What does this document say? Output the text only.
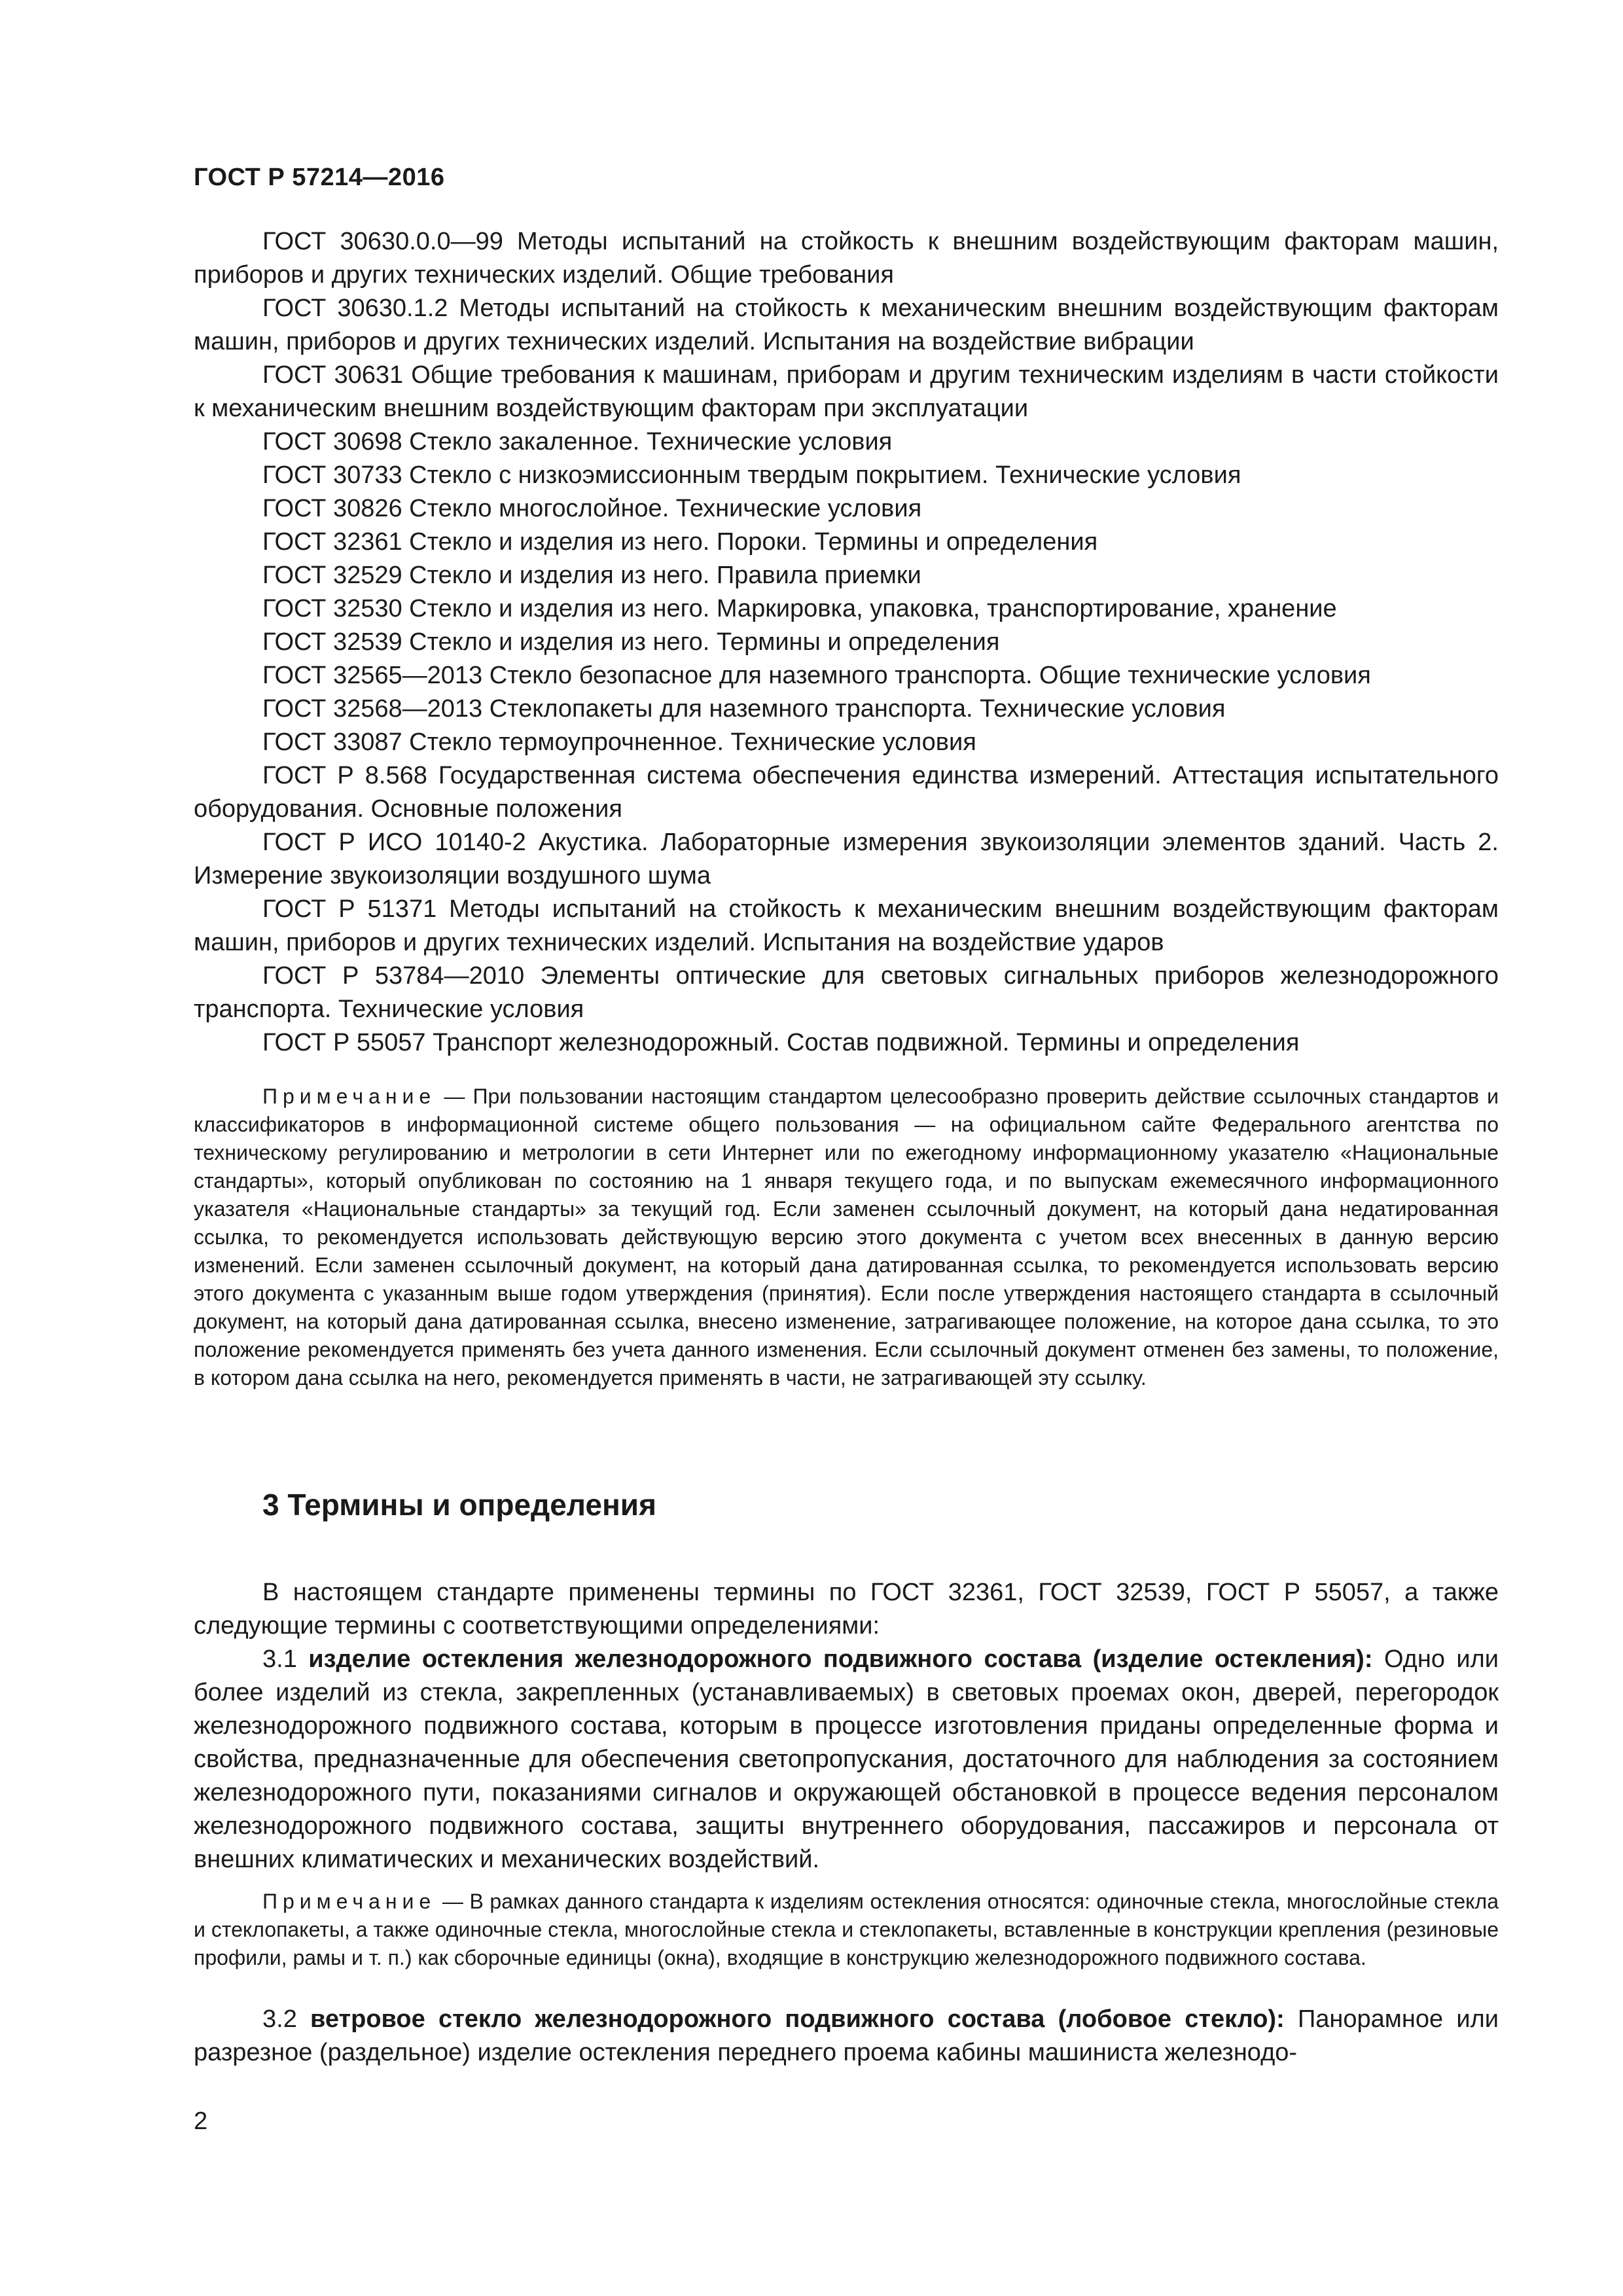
ГОСТ Р 57214—2016

ГОСТ 30630.0.0—99 Методы испытаний на стойкость к внешним воздействующим факторам машин, приборов и других технических изделий. Общие требования

ГОСТ 30630.1.2 Методы испытаний на стойкость к механическим внешним воздействующим факторам машин, приборов и других технических изделий. Испытания на воздействие вибрации

ГОСТ 30631 Общие требования к машинам, приборам и другим техническим изделиям в части стойкости к механическим внешним воздействующим факторам при эксплуатации

ГОСТ 30698 Стекло закаленное. Технические условия

ГОСТ 30733 Стекло с низкоэмиссионным твердым покрытием. Технические условия

ГОСТ 30826 Стекло многослойное. Технические условия

ГОСТ 32361 Стекло и изделия из него. Пороки. Термины и определения

ГОСТ 32529 Стекло и изделия из него. Правила приемки

ГОСТ 32530 Стекло и изделия из него. Маркировка, упаковка, транспортирование, хранение

ГОСТ 32539 Стекло и изделия из него. Термины и определения

ГОСТ 32565—2013 Стекло безопасное для наземного транспорта. Общие технические условия

ГОСТ 32568—2013 Стеклопакеты для наземного транспорта. Технические условия

ГОСТ 33087 Стекло термоупрочненное. Технические условия

ГОСТ Р 8.568 Государственная система обеспечения единства измерений. Аттестация испытательного оборудования. Основные положения

ГОСТ Р ИСО 10140-2 Акустика. Лабораторные измерения звукоизоляции элементов зданий. Часть 2. Измерение звукоизоляции воздушного шума

ГОСТ Р 51371 Методы испытаний на стойкость к механическим внешним воздействующим факторам машин, приборов и других технических изделий. Испытания на воздействие ударов

ГОСТ Р 53784—2010 Элементы оптические для световых сигнальных приборов железнодорожного транспорта. Технические условия

ГОСТ Р 55057 Транспорт железнодорожный. Состав подвижной. Термины и определения

Примечание — При пользовании настоящим стандартом целесообразно проверить действие ссылочных стандартов и классификаторов в информационной системе общего пользования — на официальном сайте Федерального агентства по техническому регулированию и метрологии в сети Интернет или по ежегодному информационному указателю «Национальные стандарты», который опубликован по состоянию на 1 января текущего года, и по выпускам ежемесячного информационного указателя «Национальные стандарты» за текущий год. Если заменен ссылочный документ, на который дана недатированная ссылка, то рекомендуется использовать действующую версию этого документа с учетом всех внесенных в данную версию изменений. Если заменен ссылочный документ, на который дана датированная ссылка, то рекомендуется использовать версию этого документа с указанным выше годом утверждения (принятия). Если после утверждения настоящего стандарта в ссылочный документ, на который дана датированная ссылка, внесено изменение, затрагивающее положение, на которое дана ссылка, то это положение рекомендуется применять без учета данного изменения. Если ссылочный документ отменен без замены, то положение, в котором дана ссылка на него, рекомендуется применять в части, не затрагивающей эту ссылку.

3 Термины и определения

В настоящем стандарте применены термины по ГОСТ 32361, ГОСТ 32539, ГОСТ Р 55057, а также следующие термины с соответствующими определениями:

3.1 изделие остекления железнодорожного подвижного состава (изделие остекления): Одно или более изделий из стекла, закрепленных (устанавливаемых) в световых проемах окон, дверей, перегородок железнодорожного подвижного состава, которым в процессе изготовления приданы определенные форма и свойства, предназначенные для обеспечения светопропускания, достаточного для наблюдения за состоянием железнодорожного пути, показаниями сигналов и окружающей обстановкой в процессе ведения персоналом железнодорожного подвижного состава, защиты внутреннего оборудования, пассажиров и персонала от внешних климатических и механических воздействий.

Примечание — В рамках данного стандарта к изделиям остекления относятся: одиночные стекла, многослойные стекла и стеклопакеты, а также одиночные стекла, многослойные стекла и стеклопакеты, вставленные в конструкции крепления (резиновые профили, рамы и т. п.) как сборочные единицы (окна), входящие в конструкцию железнодорожного подвижного состава.

3.2 ветровое стекло железнодорожного подвижного состава (лобовое стекло): Панорамное или разрезное (раздельное) изделие остекления переднего проема кабины машиниста железнодо-

2
